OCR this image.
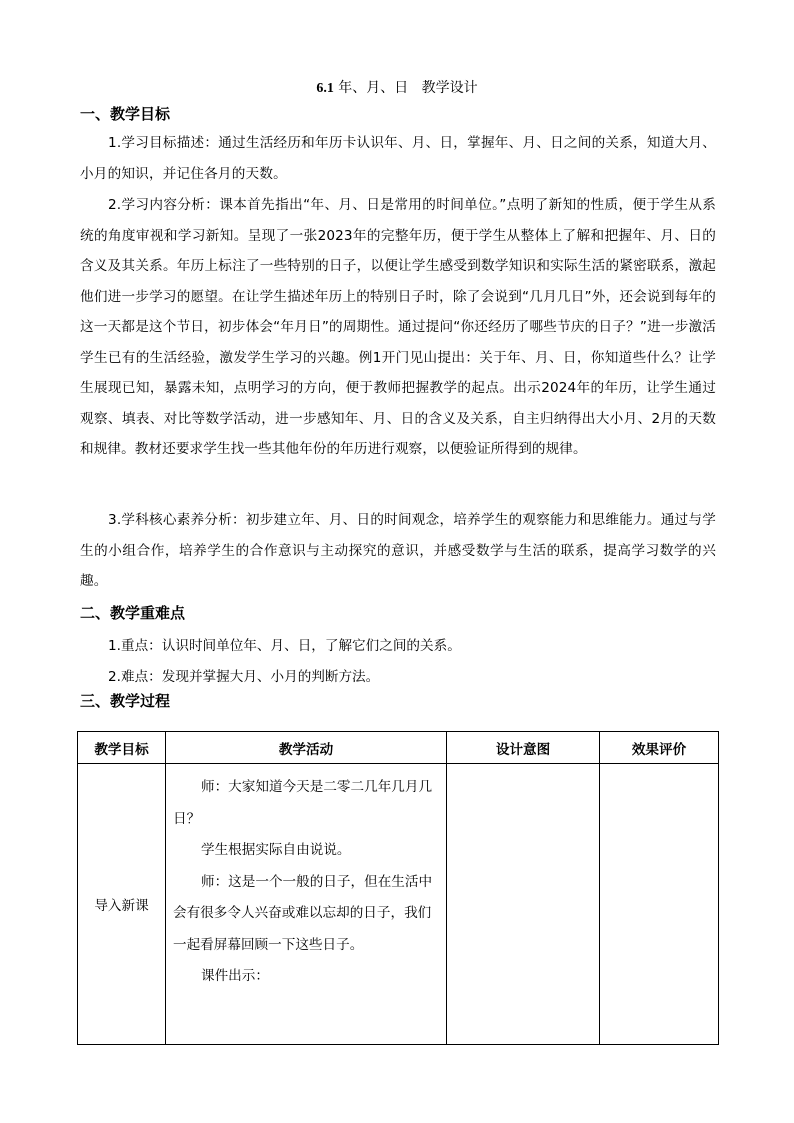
6.1 年、月、日   教学设计
一、教学目标
1.学习目标描述：通过生活经历和年历卡认识年、月、日，掌握年、月、日之间的关系，知道大月、小月的知识，并记住各月的天数。
2.学习内容分析：课本首先指出“年、月、日是常用的时间单位。”点明了新知的性质，便于学生从系统的角度审视和学习新知。呈现了一张2023年的完整年历，便于学生从整体上了解和把握年、月、日的含义及其关系。年历上标注了一些特别的日子，以便让学生感受到数学知识和实际生活的紧密联系，激起他们进一步学习的愿望。在让学生描述年历上的特别日子时，除了会说到“几月几日”外，还会说到每年的这一天都是这个节日，初步体会“年月日”的周期性。通过提问“你还经历了哪些节庆的日子？”进一步激活学生已有的生活经验，激发学生学习的兴趣。例1开门见山提出：关于年、月、日，你知道些什么？让学生展现已知，暴露未知，点明学习的方向，便于教师把握教学的起点。出示2024年的年历，让学生通过观察、填表、对比等数学活动，进一步感知年、月、日的含义及关系，自主归纳得出大小月、2月的天数和规律。教材还要求学生找一些其他年份的年历进行观察，以便验证所得到的规律。
3.学科核心素养分析：初步建立年、月、日的时间观念，培养学生的观察能力和思维能力。通过与学生的小组合作，培养学生的合作意识与主动探究的意识，并感受数学与生活的联系，提高学习数学的兴趣。
二、教学重难点
1.重点：认识时间单位年、月、日，了解它们之间的关系。
2.难点：发现并掌握大月、小月的判断方法。
三、教学过程
教学目标	教学活动	设计意图	效果评价
导入新课	师：大家知道今天是二零二几年几月几日？

学生根据实际自由说说。

师：这是一个一般的日子，但在生活中会有很多令人兴奋或难以忘却的日子，我们一起看屏幕回顾一下这些日子。

课件出示：		
